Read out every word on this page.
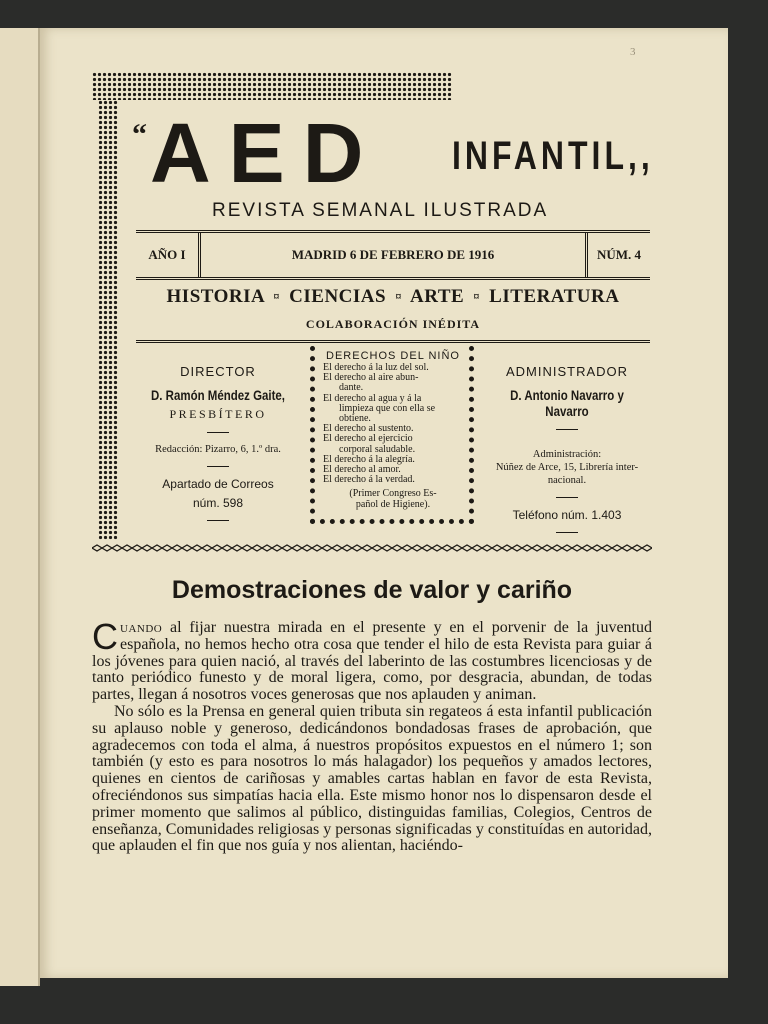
3
“ AED INFANTIL,,
REVISTA SEMANAL ILUSTRADA
AÑO I	MADRID 6 DE FEBRERO DE 1916	NÚM. 4
HISTORIA ¤ CIENCIAS ¤ ARTE ¤ LITERATURA
COLABORACIÓN INÉDITA
DIRECTOR
D. Ramón Méndez Gaite,
PRESBÍTERO
Redacción: Pizarro, 6, 1.º dra.
Apartado de Correos
núm. 598
DERECHOS DEL NIÑO
El derecho á la luz del sol.
El derecho al aire abun-
dante.
El derecho al agua y á la
limpieza que con ella se
obtiene.
El derecho al sustento.
El derecho al ejercicio
corporal saludable.
El derecho á la alegría.
El derecho al amor.
El derecho á la verdad.
(Primer Congreso Es-
pañol de Higiene).
ADMINISTRADOR
D. Antonio Navarro y Navarro
Administración:
Núñez de Arce, 15, Librería inter-
nacional.
Teléfono núm. 1.403
Demostraciones de valor y cariño

Cuando al fijar nuestra mirada en el presente y en el porvenir de la juventud española, no hemos hecho otra cosa que tender el hilo de esta Revista para guiar á los jóvenes para quien nació, al través del laberinto de las costumbres licenciosas y de tanto periódico funesto y de moral ligera, como, por desgracia, abundan, de todas partes, llegan á nosotros voces generosas que nos aplauden y animan.

No sólo es la Prensa en general quien tributa sin regateos á esta infantil publicación su aplauso noble y generoso, dedicándonos bondadosas frases de aprobación, que agradecemos con toda el alma, á nuestros propósitos expuestos en el número 1; son también (y esto es para nosotros lo más halagador) los pequeños y amados lectores, quienes en cientos de cariñosas y amables cartas hablan en favor de esta Revista, ofreciéndonos sus simpatías hacia ella. Este mismo honor nos lo dispensaron desde el primer momento que salimos al público, distinguidas familias, Colegios, Centros de enseñanza, Comunidades religiosas y personas significadas y constituídas en autoridad, que aplauden el fin que nos guía y nos alientan, haciéndo-
